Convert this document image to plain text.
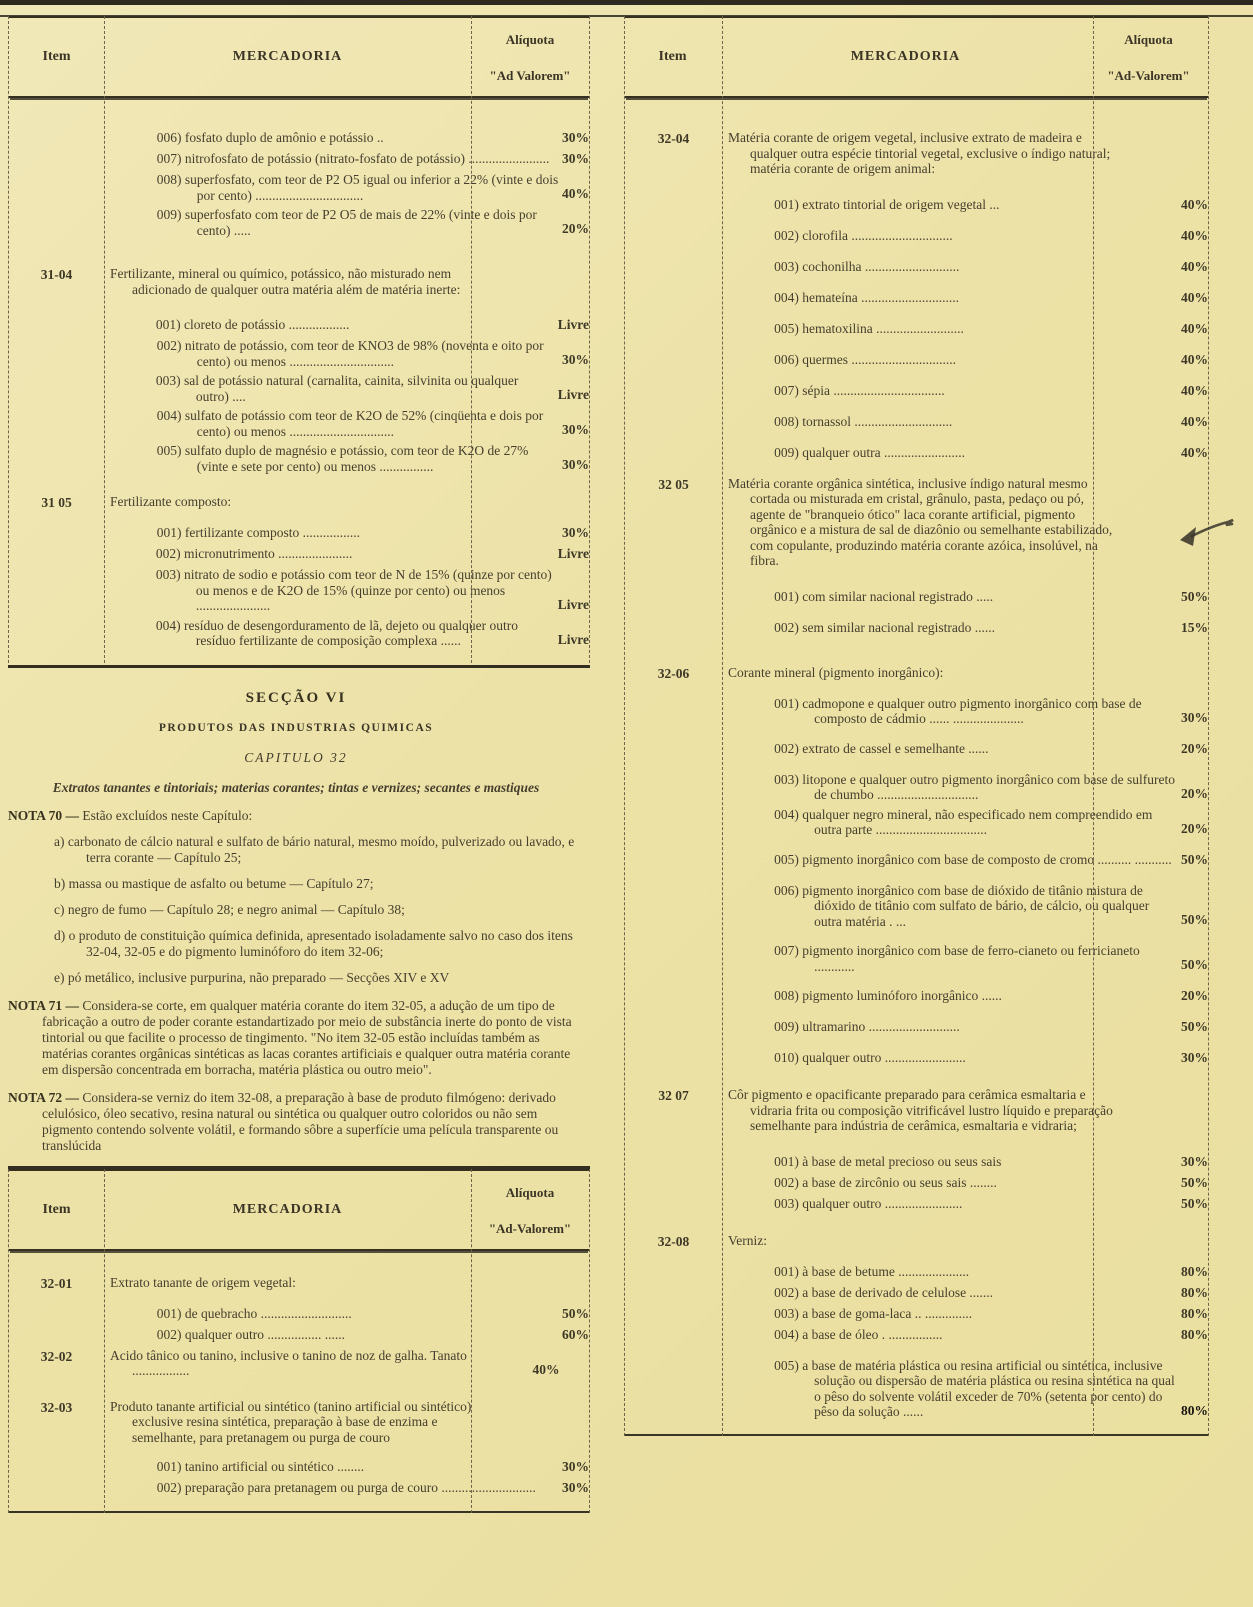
Item	MERCADORIA
Alíquota
"Ad Valorem"
006) fosfato duplo de amônio e potássio ..	30%
007) nitrofosfato de potássio (nitrato-fosfato de potássio) ........................ 30%
008) superfosfato, com teor de P2 O5 igual ou inferior a 22% (vinte e dois por cento) ................................	40%
009) superfosfato com teor de P2 O5 de mais de 22% (vinte e dois por cento) .....	20%
31-04	Fertilizante, mineral ou químico, potássico, não misturado nem adicionado de qualquer outra matéria além de matéria inerte:
001) cloreto de potássio ..................	Livre
002) nitrato de potássio, com teor de KNO3 de 98% (noventa e oito por cento) ou menos ...............................	30%
003) sal de potássio natural (carnalita, cainita, silvinita ou qualquer outro) ....	Livre
004) sulfato de potássio com teor de K2O de 52% (cinqüenta e dois por cento) ou menos ...............................	30%
005) sulfato duplo de magnésio e potássio, com teor de K2O de 27% (vinte e sete por cento) ou menos ................	30%
31 05	Fertilizante composto:
001) fertilizante composto .................	30%
002) micronutrimento ......................	Livre
003) nitrato de sodio e potássio com teor de N de 15% (quinze por cento) ou menos e de K2O de 15% (quinze por cento) ou menos ......................	Livre
004) resíduo de desengorduramento de lã, dejeto ou qualquer outro resíduo fertilizante de composição complexa ......	Livre
SECÇÃO VI
PRODUTOS DAS INDUSTRIAS QUIMICAS
CAPITULO 32
Extratos tanantes e tintoriais; materias corantes; tintas e vernizes; secantes e mastiques
NOTA 70 — Estão excluídos neste Capítulo:
a) carbonato de cálcio natural e sulfato de bário natural, mesmo moído, pulverizado ou lavado, e terra corante — Capítulo 25;
b) massa ou mastique de asfalto ou betume — Capítulo 27;
c) negro de fumo — Capítulo 28; e negro animal — Capítulo 38;
d) o produto de constituição química definida, apresentado isoladamente salvo no caso dos itens 32-04, 32-05 e do pigmento luminóforo do item 32-06;
e) pó metálico, inclusive purpurina, não preparado — Secções XIV e XV
NOTA 71 — Considera-se corte, em qualquer matéria corante do item 32-05, a adução de um tipo de fabricação a outro de poder corante estandartizado por meio de substância inerte do ponto de vista tintorial ou que facilite o processo de tingimento. "No item 32-05 estão incluídas também as matérias corantes orgânicas sintéticas as lacas corantes artificiais e qualquer outra matéria corante em dispersão concentrada em borracha, matéria plástica ou outro meio".
NOTA 72 — Considera-se verniz do item 32-08, a preparação à base de produto filmógeno: derivado celulósico, óleo secativo, resina natural ou sintética ou qualquer outro coloridos ou não sem pigmento contendo solvente volátil, e formando sôbre a superfície uma película transparente ou translúcida
Item	MERCADORIA
Alíquota
"Ad-Valorem"
32-01	Extrato tanante de origem vegetal:
001) de quebracho ...........................	50%
002) qualquer outro ................ ......	60%
32-02	Acido tânico ou tanino, inclusive o tanino de noz de galha. Tanato .................	40%
32-03	Produto tanante artificial ou sintético (tanino artificial ou sintético) exclusive resina sintética, preparação à base de enzima e semelhante, para pretanagem ou purga de couro
001) tanino artificial ou sintético ........	30%
002) preparação para pretanagem ou purga de couro ............................	30%
Item	MERCADORIA
Alíquota
"Ad-Valorem"
32-04	Matéria corante de origem vegetal, inclusive extrato de madeira e qualquer outra espécie tintorial vegetal, exclusive o índigo natural; matéria corante de origem animal:
001) extrato tintorial de origem vegetal ...	40%
002) clorofila ..............................	40%
003) cochonilha ............................	40%
004) hemateína .............................	40%
005) hematoxilina ..........................	40%
006) quermes ...............................	40%
007) sépia .................................	40%
008) tornassol .............................	40%
009) qualquer outra ........................	40%
32 05	Matéria corante orgânica sintética, inclusive índigo natural mesmo cortada ou misturada em cristal, grânulo, pasta, pedaço ou pó, agente de "branqueio ótico" laca corante artificial, pigmento orgânico e a mistura de sal de diazônio ou semelhante estabilizado, com copulante, produzindo matéria corante azóica, insolúvel, na fibra.
001) com similar nacional registrado .....	50%
002) sem similar nacional registrado ......	15%
32-06	Corante mineral (pigmento inorgânico):
001) cadmopone e qualquer outro pigmento inorgânico com base de composto de cádmio ...... .....................	30%
002) extrato de cassel e semelhante ......	20%
003) litopone e qualquer outro pigmento inorgânico com base de sulfureto de chumbo ..............................	20%
004) qualquer negro mineral, não especificado nem compreendido em outra parte .................................	20%
005) pigmento inorgânico com base de composto de cromo .......... ........... 50%
006) pigmento inorgânico com base de dióxido de titânio mistura de dióxido de titânio com sulfato de bário, de cálcio, ou qualquer outra matéria . ...	50%
007) pigmento inorgânico com base de ferro-cianeto ou ferricianeto ............	50%
008) pigmento luminóforo inorgânico ......	20%
009) ultramarino ...........................	50%
010) qualquer outro ........................	30%
32 07	Côr pigmento e opacificante preparado para cerâmica esmaltaria e vidraria frita ou composição vitrificável lustro líquido e preparação semelhante para indústria de cerâmica, esmaltaria e vidraria;
001) à base de metal precioso ou seus sais	30%
002) a base de zircônio ou seus sais ........	50%
003) qualquer outro .......................	50%
32-08	Verniz:
001) à base de betume .....................	80%
002) a base de derivado de celulose .......	80%
003) a base de goma-laca .. ..............	80%
004) a base de óleo . ................	80%
005) a base de matéria plástica ou resina artificial ou sintética, inclusive solução ou dispersão de matéria plástica ou resina sintética na qual o pêso do solvente volátil exceder de 70% (setenta por cento) do pêso da solução ......	80%
